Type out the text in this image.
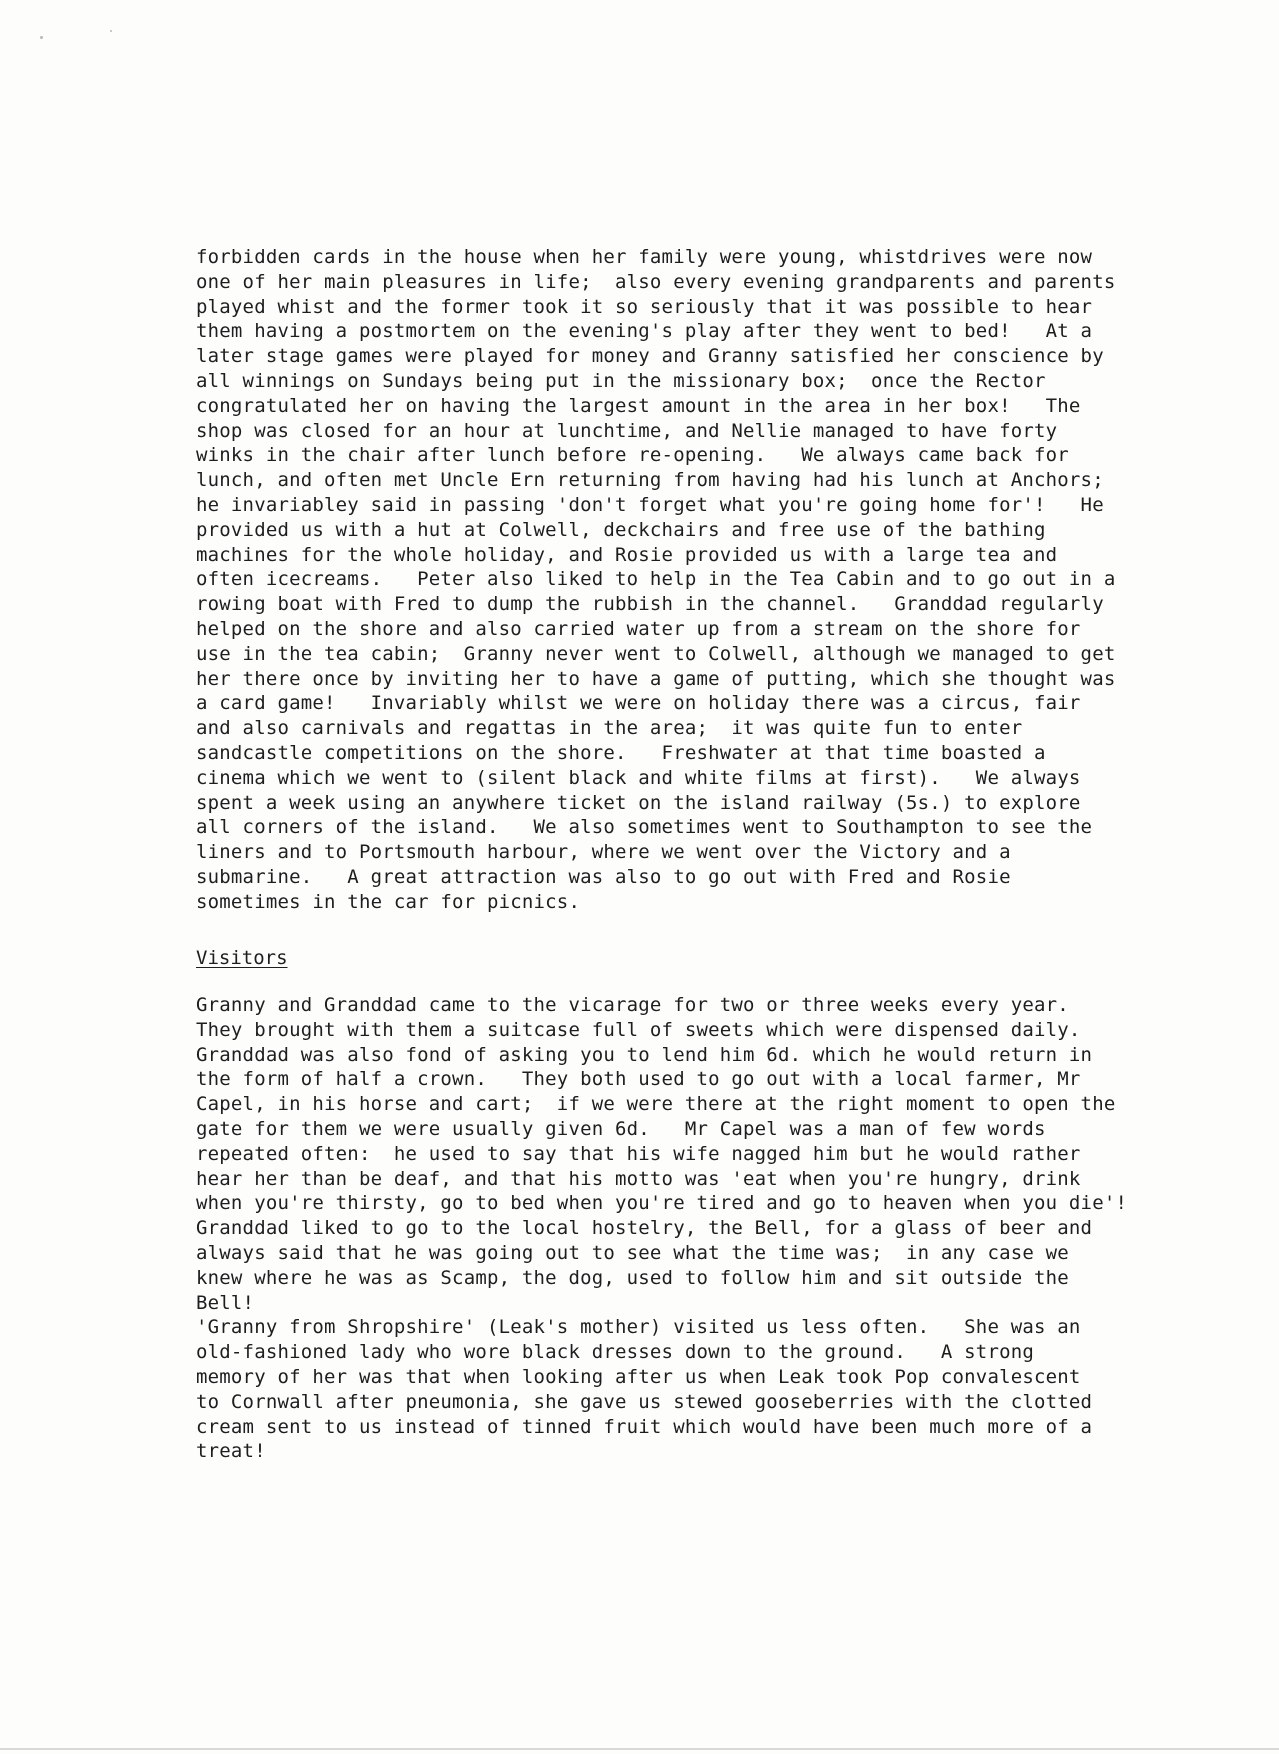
forbidden cards in the house when her family were young, whistdrives were now
one of her main pleasures in life;  also every evening grandparents and parents
played whist and the former took it so seriously that it was possible to hear
them having a postmortem on the evening's play after they went to bed!   At a
later stage games were played for money and Granny satisfied her conscience by
all winnings on Sundays being put in the missionary box;  once the Rector
congratulated her on having the largest amount in the area in her box!   The
shop was closed for an hour at lunchtime, and Nellie managed to have forty
winks in the chair after lunch before re-opening.   We always came back for
lunch, and often met Uncle Ern returning from having had his lunch at Anchors;
he invariabley said in passing 'don't forget what you're going home for'!   He
provided us with a hut at Colwell, deckchairs and free use of the bathing
machines for the whole holiday, and Rosie provided us with a large tea and
often icecreams.   Peter also liked to help in the Tea Cabin and to go out in a
rowing boat with Fred to dump the rubbish in the channel.   Granddad regularly
helped on the shore and also carried water up from a stream on the shore for
use in the tea cabin;  Granny never went to Colwell, although we managed to get
her there once by inviting her to have a game of putting, which she thought was
a card game!   Invariably whilst we were on holiday there was a circus, fair
and also carnivals and regattas in the area;  it was quite fun to enter
sandcastle competitions on the shore.   Freshwater at that time boasted a
cinema which we went to (silent black and white films at first).   We always
spent a week using an anywhere ticket on the island railway (5s.) to explore
all corners of the island.   We also sometimes went to Southampton to see the
liners and to Portsmouth harbour, where we went over the Victory and a
submarine.   A great attraction was also to go out with Fred and Rosie
sometimes in the car for picnics.
Visitors
Granny and Granddad came to the vicarage for two or three weeks every year.
They brought with them a suitcase full of sweets which were dispensed daily.
Granddad was also fond of asking you to lend him 6d. which he would return in
the form of half a crown.   They both used to go out with a local farmer, Mr
Capel, in his horse and cart;  if we were there at the right moment to open the
gate for them we were usually given 6d.   Mr Capel was a man of few words
repeated often:  he used to say that his wife nagged him but he would rather
hear her than be deaf, and that his motto was 'eat when you're hungry, drink
when you're thirsty, go to bed when you're tired and go to heaven when you die'!
Granddad liked to go to the local hostelry, the Bell, for a glass of beer and
always said that he was going out to see what the time was;  in any case we
knew where he was as Scamp, the dog, used to follow him and sit outside the
Bell!
'Granny from Shropshire' (Leak's mother) visited us less often.   She was an
old-fashioned lady who wore black dresses down to the ground.   A strong
memory of her was that when looking after us when Leak took Pop convalescent
to Cornwall after pneumonia, she gave us stewed gooseberries with the clotted
cream sent to us instead of tinned fruit which would have been much more of a
treat!
